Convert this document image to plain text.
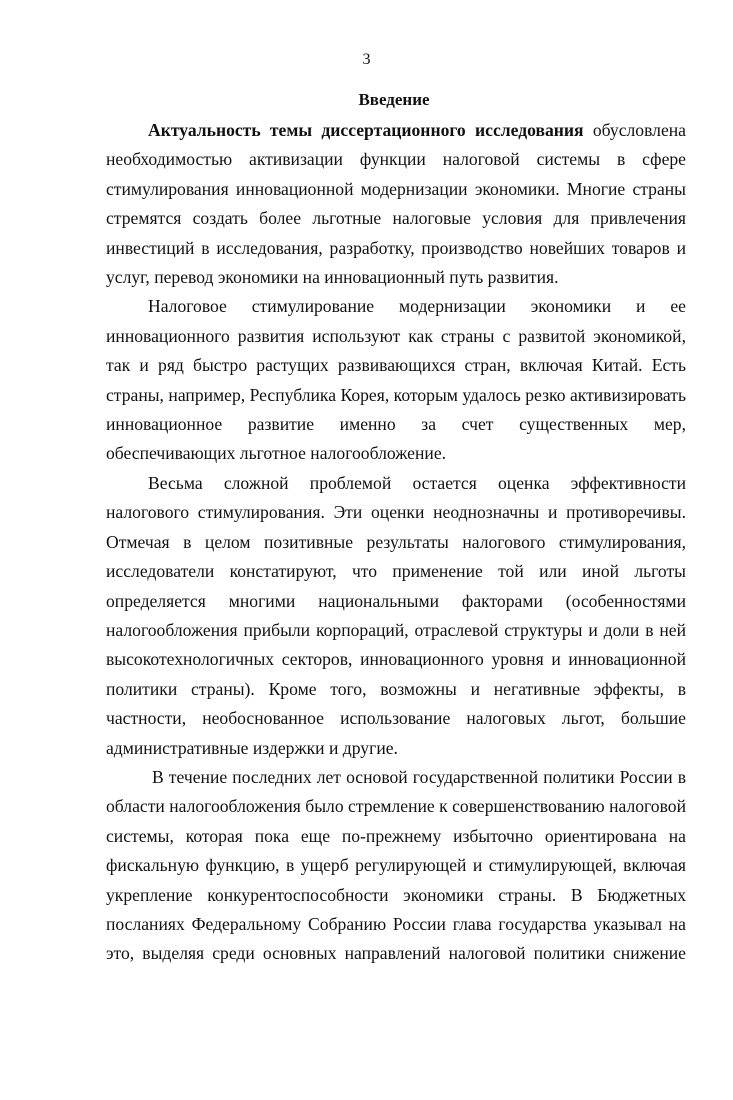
3
Введение

Актуальность темы диссертационного исследования обусловлена необходимостью активизации функции налоговой системы в сфере стимулирования инновационной модернизации экономики. Многие страны стремятся создать более льготные налоговые условия для привлечения инвестиций в исследования, разработку, производство новейших товаров и услуг, перевод экономики на инновационный путь развития.

Налоговое стимулирование модернизации экономики и ее инновационного развития используют как страны с развитой экономикой, так и ряд быстро растущих развивающихся стран, включая Китай. Есть страны, например, Республика Корея, которым удалось резко активизировать инновационное развитие именно за счет существенных мер, обеспечивающих льготное налогообложение.

Весьма сложной проблемой остается оценка эффективности налогового стимулирования. Эти оценки неоднозначны и противоречивы. Отмечая в целом позитивные результаты налогового стимулирования, исследователи констатируют, что применение той или иной льготы определяется многими национальными факторами (особенностями налогообложения прибыли корпораций, отраслевой структуры и доли в ней высокотехнологичных секторов, инновационного уровня и инновационной политики страны). Кроме того, возможны и негативные эффекты, в частности, необоснованное использование налоговых льгот, большие административные издержки и другие.

В течение последних лет основой государственной политики России в области налогообложения было стремление к совершенствованию налоговой системы, которая пока еще по-прежнему избыточно ориентирована на фискальную функцию, в ущерб регулирующей и стимулирующей, включая укрепление конкурентоспособности экономики страны. В Бюджетных посланиях Федеральному Собранию России глава государства указывал на это, выделяя среди основных направлений налоговой политики снижение
